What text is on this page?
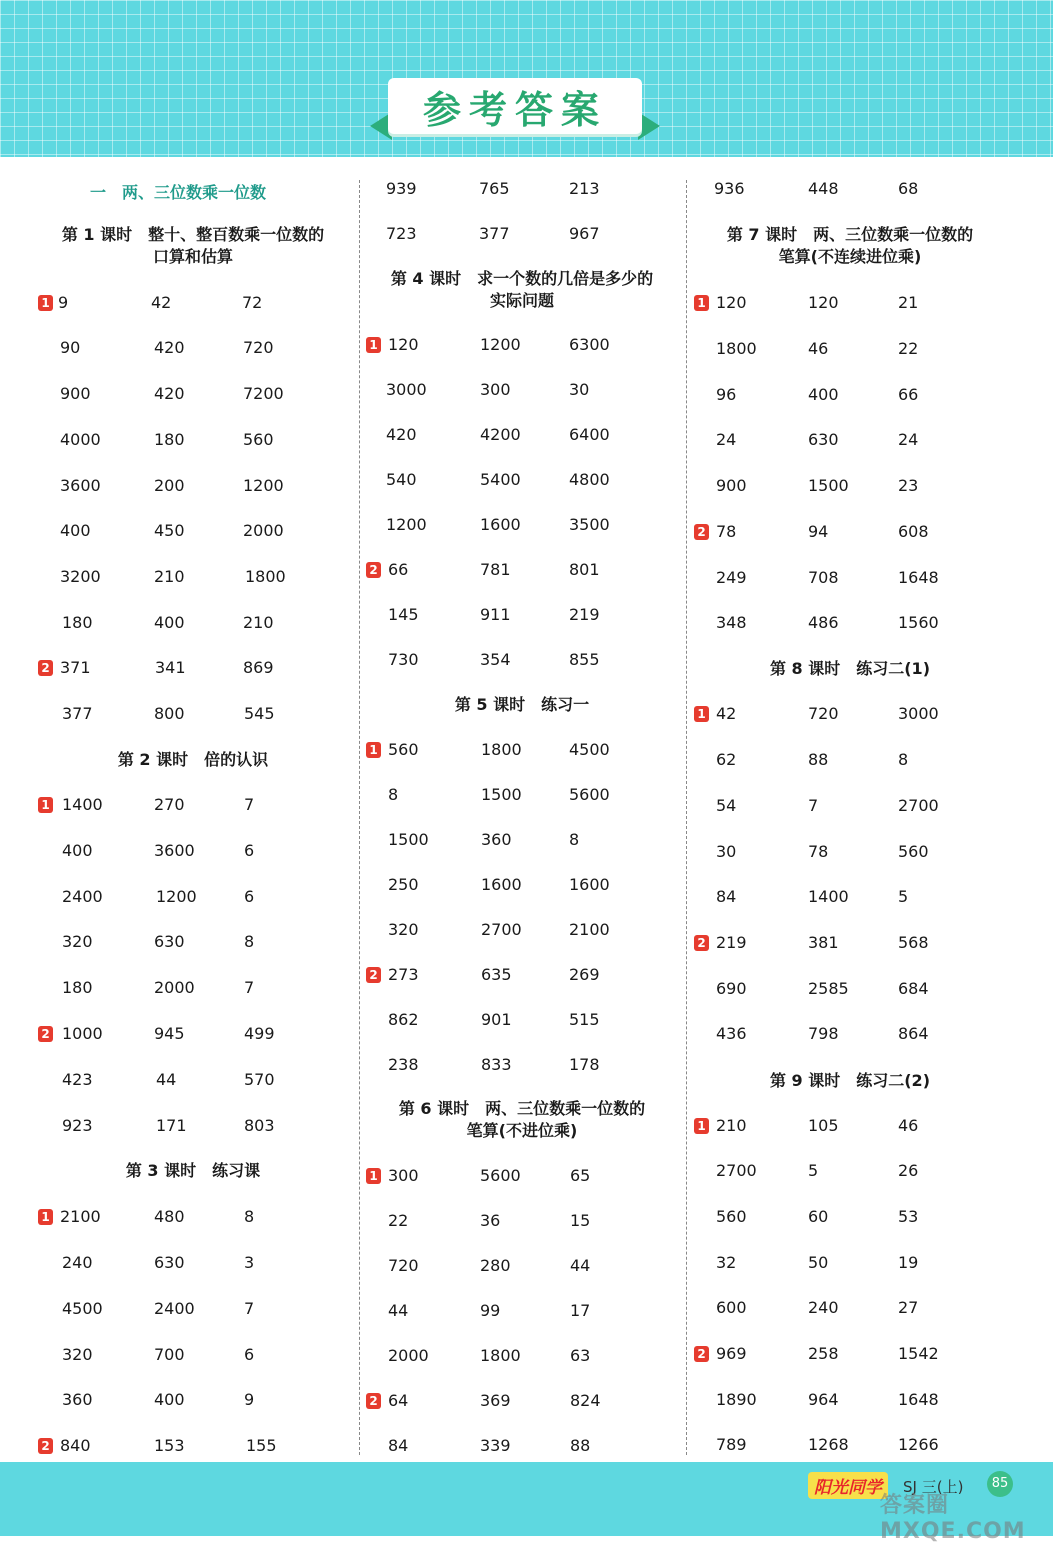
参考答案
一　两、三位数乘一位数
第 1 课时　整十、整百数乘一位数的
口算和估算
1 9	42	72
90	420	720
900	420	7200
4000	180	560
3600	200	1200
400	450	2000
3200	210	1800
180	400	210
2 371	341	869
377	800	545
第 2 课时　倍的认识
1 1400	270	7
400	3600	6
2400	1200	6
320	630	8
180	2000	7
2 1000	945	499
423	44	570
923	171	803
第 3 课时　练习课
1 2100	480	8
240	630	3
4500	2400	7
320	700	6
360	400	9
2 840	153	155
939	765	213
723	377	967
第 4 课时　求一个数的几倍是多少的
实际问题
1 120	1200	6300
3000	300	30
420	4200	6400
540	5400	4800
1200	1600	3500
2 66	781	801
145	911	219
730	354	855
第 5 课时　练习一
1 560	1800	4500
8	1500	5600
1500	360	8
250	1600	1600
320	2700	2100
2 273	635	269
862	901	515
238	833	178
第 6 课时　两、三位数乘一位数的
笔算(不进位乘)
1 300	5600	65
22	36	15
720	280	44
44	99	17
2000	1800	63
2 64	369	824
84	339	88
936	448	68
第 7 课时　两、三位数乘一位数的
笔算(不连续进位乘)
1 120	120	21
1800	46	22
96	400	66
24	630	24
900	1500	23
2 78	94	608
249	708	1648
348	486	1560
第 8 课时　练习二(1)
1 42	720	3000
62	88	8
54	7	2700
30	78	560
84	1400	5
2 219	381	568
690	2585	684
436	798	864
第 9 课时　练习二(2)
1 210	105	46
2700	5	26
560	60	53
32	50	19
600	240	27
2 969	258	1542
1890	964	1648
789	1268	1266
阳光同学	SJ 三(上)	85
答案圈 MXQE.COM
